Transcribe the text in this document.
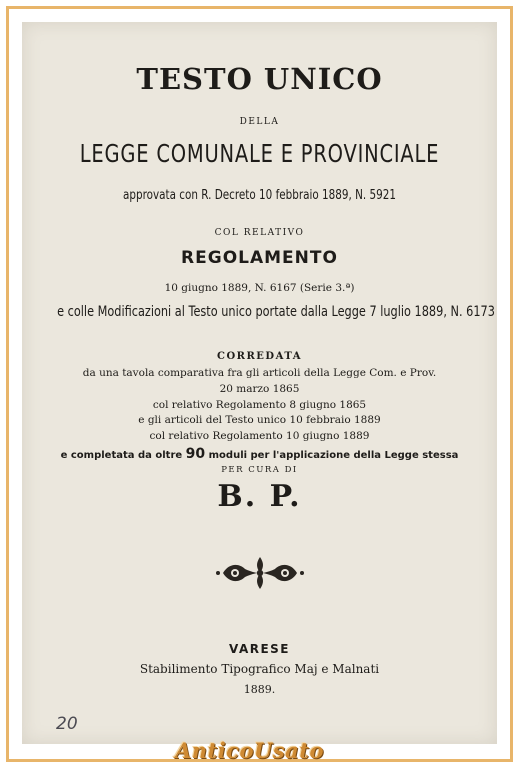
TESTO UNICO
DELLA
LEGGE COMUNALE E PROVINCIALE
approvata con R. Decreto 10 febbraio 1889, N. 5921
COL RELATIVO
REGOLAMENTO
10 giugno 1889, N. 6167 (Serie 3.ª)
e colle Modificazioni al Testo unico portate dalla Legge 7 luglio 1889, N. 6173
CORREDATA
da una tavola comparativa fra gli articoli della Legge Com. e Prov.
20 marzo 1865
col relativo Regolamento 8 giugno 1865
e gli articoli del Testo unico 10 febbraio 1889
col relativo Regolamento 10 giugno 1889
e completata da oltre 90 moduli per l'applicazione della Legge stessa
PER CURA DI
B. P.
VARESE
Stabilimento Tipografico Maj e Malnati
1889.
20
AnticoUsato
